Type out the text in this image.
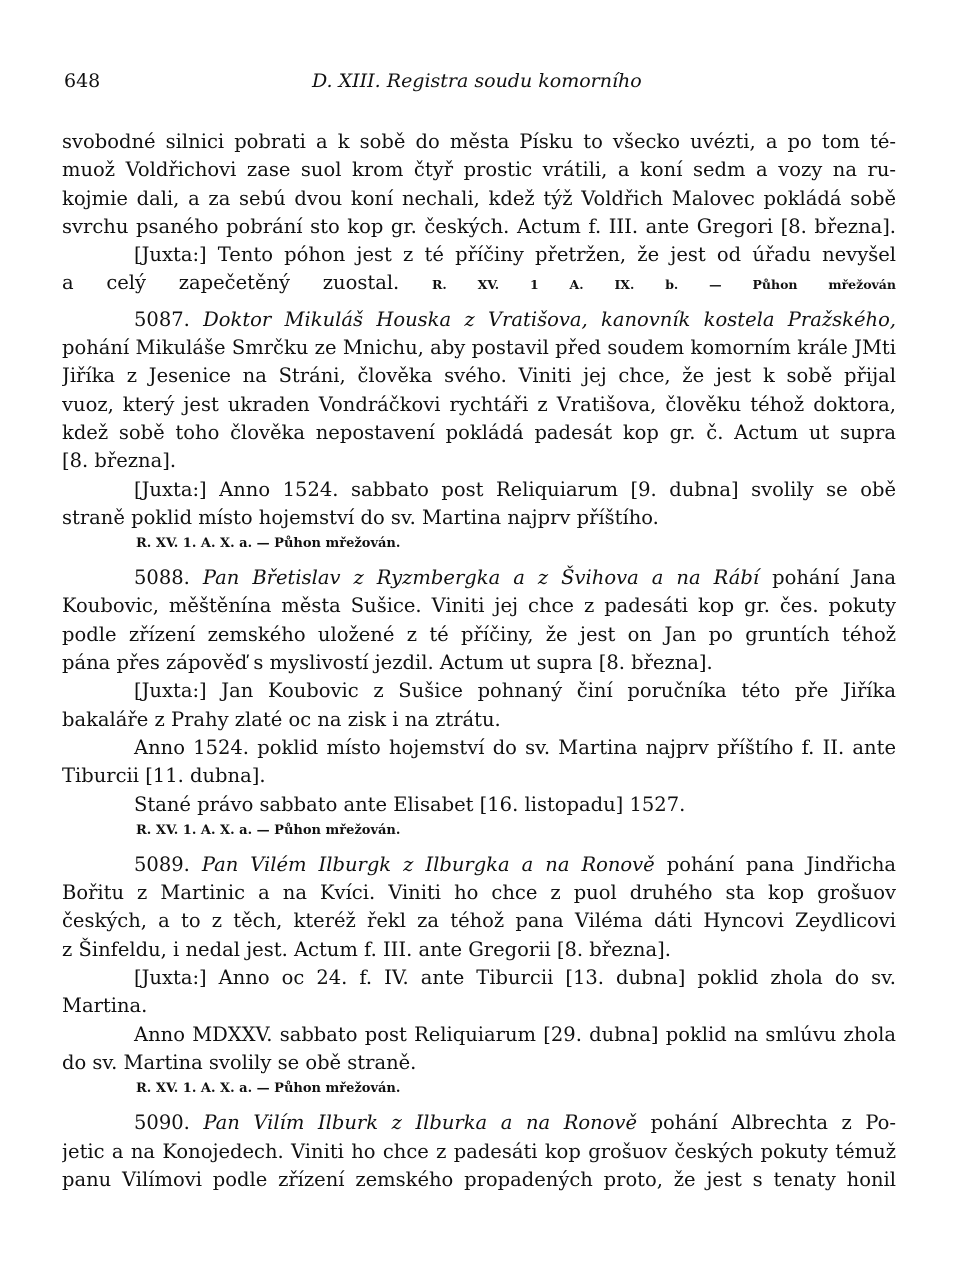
648	D. XIII. Registra soudu komorního
svobodné silnici pobrati a k sobě do města Písku to všecko uvézti, a po tom té-
muož Voldřichovi zase suol krom čtyř prostic vrátili, a koní sedm a vozy na ru-
kojmie dali, a za sebú dvou koní nechali, kdež týž Voldřich Malovec pokládá sobě
svrchu psaného pobrání sto kop gr. českých. Actum f. III. ante Gregori [8. března].
[Juxta:] Tento póhon jest z té příčiny přetržen, že jest od úřadu nevyšel
a celý zapečetěný zuostal.	R. XV. 1 A. IX. b. — Půhon mřežován
5087. Doktor Mikuláš Houska z Vratišova, kanovník kostela Pražského,
pohání Mikuláše Smrčku ze Mnichu, aby postavil před soudem komorním krále JMti
Jiříka z Jesenice na Stráni, člověka svého. Viniti jej chce, že jest k sobě přijal
vuoz, který jest ukraden Vondráčkovi rychtáři z Vratišova, člověku téhož doktora,
kdež sobě toho člověka nepostavení pokládá padesát kop gr. č. Actum ut supra
[8. března].
[Juxta:] Anno 1524. sabbato post Reliquiarum [9. dubna] svolily se obě
straně poklid místo hojemství do sv. Martina najprv příštího.
R. XV. 1. A. X. a. — Půhon mřežován.
5088. Pan Břetislav z Ryzmbergka a z Švihova a na Rábí pohání Jana
Koubovic, měštěnína města Sušice. Viniti jej chce z padesáti kop gr. čes. pokuty
podle zřízení zemského uložené z té příčiny, že jest on Jan po gruntích téhož
pána přes zápověď s myslivostí jezdil. Actum ut supra [8. března].
[Juxta:] Jan Koubovic z Sušice pohnaný činí poručníka této pře Jiříka
bakaláře z Prahy zlaté oc na zisk i na ztrátu.
Anno 1524. poklid místo hojemství do sv. Martina najprv příštího f. II. ante
Tiburcii [11. dubna].
Stané právo sabbato ante Elisabet [16. listopadu] 1527.
R. XV. 1. A. X. a. — Půhon mřežován.
5089. Pan Vilém Ilburgk z Ilburgka a na Ronově pohání pana Jindřicha
Bořitu z Martinic a na Kvíci. Viniti ho chce z puol druhého sta kop grošuov
českých, a to z těch, kteréž řekl za téhož pana Viléma dáti Hyncovi Zeydlicovi
z Šinfeldu, i nedal jest. Actum f. III. ante Gregorii [8. března].
[Juxta:] Anno oc 24. f. IV. ante Tiburcii [13. dubna] poklid zhola do sv.
Martina.
Anno MDXXV. sabbato post Reliquiarum [29. dubna] poklid na smlúvu zhola
do sv. Martina svolily se obě straně.
R. XV. 1. A. X. a. — Půhon mřežován.
5090. Pan Vilím Ilburk z Ilburka a na Ronově pohání Albrechta z Po-
jetic a na Konojedech. Viniti ho chce z padesáti kop grošuov českých pokuty témuž
panu Vilímovi podle zřízení zemského propadených proto, že jest s tenaty honil
